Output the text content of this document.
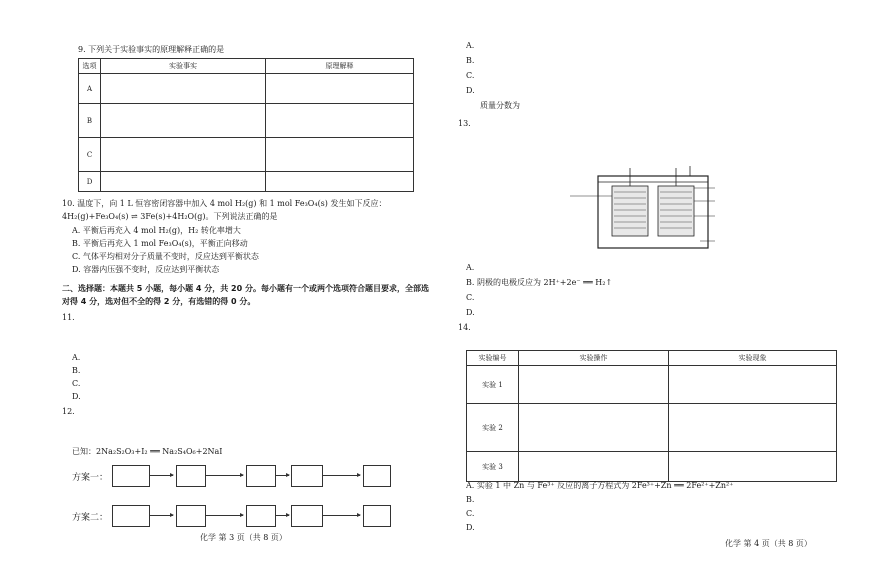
9. 下列关于实验事实的原理解释正确的是
选项	实验事实	原理解释
A		
B		
C		
D		
10. 温度下，向 1 L 恒容密闭容器中加入 4 mol H₂(g) 和 1 mol Fe₃O₄(s) 发生如下反应：
4H₂(g)+Fe₃O₄(s) ⇌ 3Fe(s)+4H₂O(g)。下列说法正确的是
A. 平衡后再充入 4 mol H₂(g)，H₂ 转化率增大
B. 平衡后再充入 1 mol Fe₃O₄(s)，平衡正向移动
C. 气体平均相对分子质量不变时，反应达到平衡状态
D. 容器内压强不变时，反应达到平衡状态
二、选择题：本题共 5 小题，每小题 4 分，共 20 分。每小题有一个或两个选项符合题目要求，全部选
对得 4 分，选对但不全的得 2 分，有选错的得 0 分。
11.
A.
B.
C.
D.
12.
已知：2Na₂S₂O₃+I₂ ══ Na₂S₄O₆+2NaI
方案一：
方案二：
化学 第 3 页（共 8 页）
A.
B.
C.
D.
质量分数为
13.
A.
B. 阴极的电极反应为 2H⁺+2e⁻ ══ H₂↑
C.
D.
14.
实验编号	实验操作	实验现象
实验 1		
实验 2		
实验 3		
A. 实验 1 中 Zn 与 Fe³⁺ 反应的离子方程式为 2Fe³⁺+Zn ══ 2Fe²⁺+Zn²⁺
B.
C.
D.
化学 第 4 页（共 8 页）
